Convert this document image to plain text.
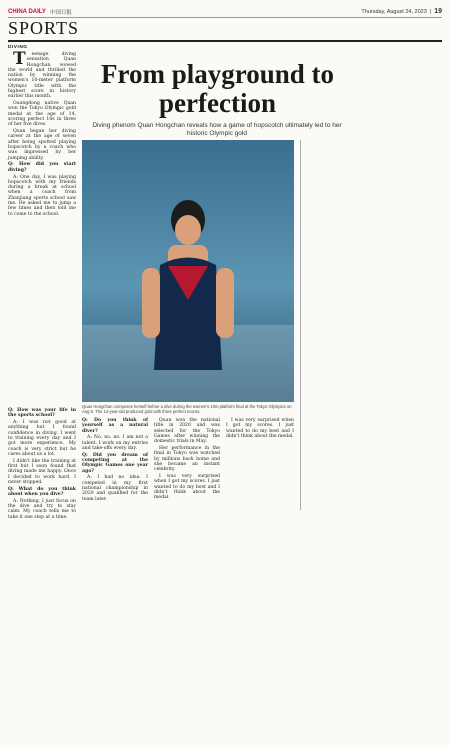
CHINA DAILY 中国日报	Thursday, August 24, 2023 | 19
SPORTS
DIVING
From playground to perfection
Diving phenom Quan Hongchan reveals how a game of hopscotch ultimately led to her historic Olympic gold

Teenage diving sensation Quan Hongchan wowed the world and thrilled the nation by winning the women's 10-meter platform Olympic title with the highest score in history earlier this month.

Guangdong native Quan won the Tokyo Olympic gold medal at the age of 14, scoring perfect 10s in three of her five dives.

Quan began her diving career at the age of seven after being spotted playing hopscotch by a coach who was impressed by her jumping ability.

Q: How did you start diving?

A: One day, I was playing hopscotch with my friends during a break at school when a coach from Zhanjiang sports school saw me. He asked me to jump a few times and then told me to come to the school.

Q: How was your life in the sports school?

A: I was not good at anything but I found confidence in diving. I went to training every day and I got more experience. My coach is very strict but he cares about us a lot.

I didn't like the training at first but I soon found that diving made me happy. Once I decided to work hard, I never stopped.

Q: What do you think about when you dive?

A: Nothing. I just focus on the dive and try to stay calm. My coach tells me to take it one step at a time.

Quan Hongchan composes herself before a dive during the women's 10m platform final at the Tokyo Olympics on Aug 5. The 14-year-old produced gold with three perfect scores.

Q: Do you think of yourself as a natural diver?

A: No, no, no. I am not a talent. I work on my entries and take-offs every day.

Q: Did you dream of competing at the Olympic Games one year ago?

A: I had no idea. I competed in my first national championship in 2020 and qualified for the team later.

Quan won the national title in 2020 and was selected for the Tokyo Games after winning the domestic trials in May.

Her performance in the final in Tokyo was watched by millions back home and she became an instant celebrity.

I was very surprised when I got my scores. I just wanted to do my best and I didn't think about the medal.

I was very surprised when I got my scores. I just wanted to do my best and I didn't think about the medal.
